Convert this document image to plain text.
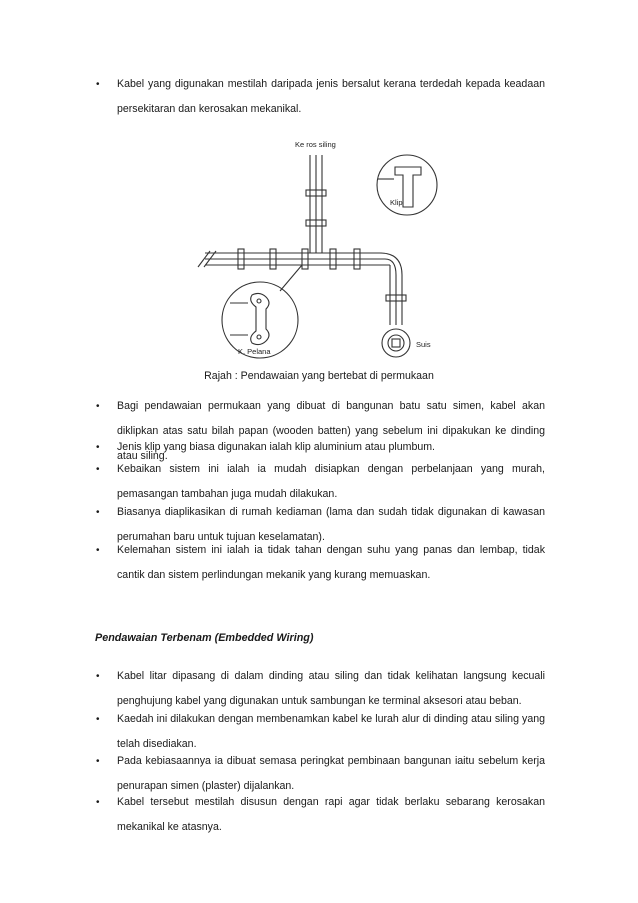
• Kabel yang digunakan mestilah daripada jenis bersalut kerana terdedah kepada keadaan persekitaran dan kerosakan mekanikal.
Ke ros siling
Klip
Suis
K. Pelana
Rajah : Pendawaian yang bertebat di permukaan
• Bagi pendawaian permukaan yang dibuat di bangunan batu satu simen, kabel akan diklipkan atas satu bilah papan (wooden batten) yang sebelum ini dipakukan ke dinding atau siling.
• Jenis klip yang biasa digunakan ialah klip aluminium atau plumbum.
• Kebaikan sistem ini ialah ia mudah disiapkan dengan perbelanjaan yang murah, pemasangan tambahan juga mudah dilakukan.
• Biasanya diaplikasikan di rumah kediaman (lama dan sudah tidak digunakan di kawasan perumahan baru untuk tujuan keselamatan).
• Kelemahan sistem ini ialah ia tidak tahan dengan suhu yang panas dan lembap, tidak cantik dan sistem perlindungan mekanik yang kurang memuaskan.
Pendawaian Terbenam (Embedded Wiring)
• Kabel litar dipasang di dalam dinding atau siling dan tidak kelihatan langsung kecuali penghujung kabel yang digunakan untuk sambungan ke terminal aksesori atau beban.
• Kaedah ini dilakukan dengan membenamkan kabel ke lurah alur di dinding atau siling yang telah disediakan.
• Pada kebiasaannya ia dibuat semasa peringkat pembinaan bangunan iaitu sebelum kerja penurapan simen (plaster) dijalankan.
• Kabel tersebut mestilah disusun dengan rapi agar tidak berlaku sebarang kerosakan mekanikal ke atasnya.
